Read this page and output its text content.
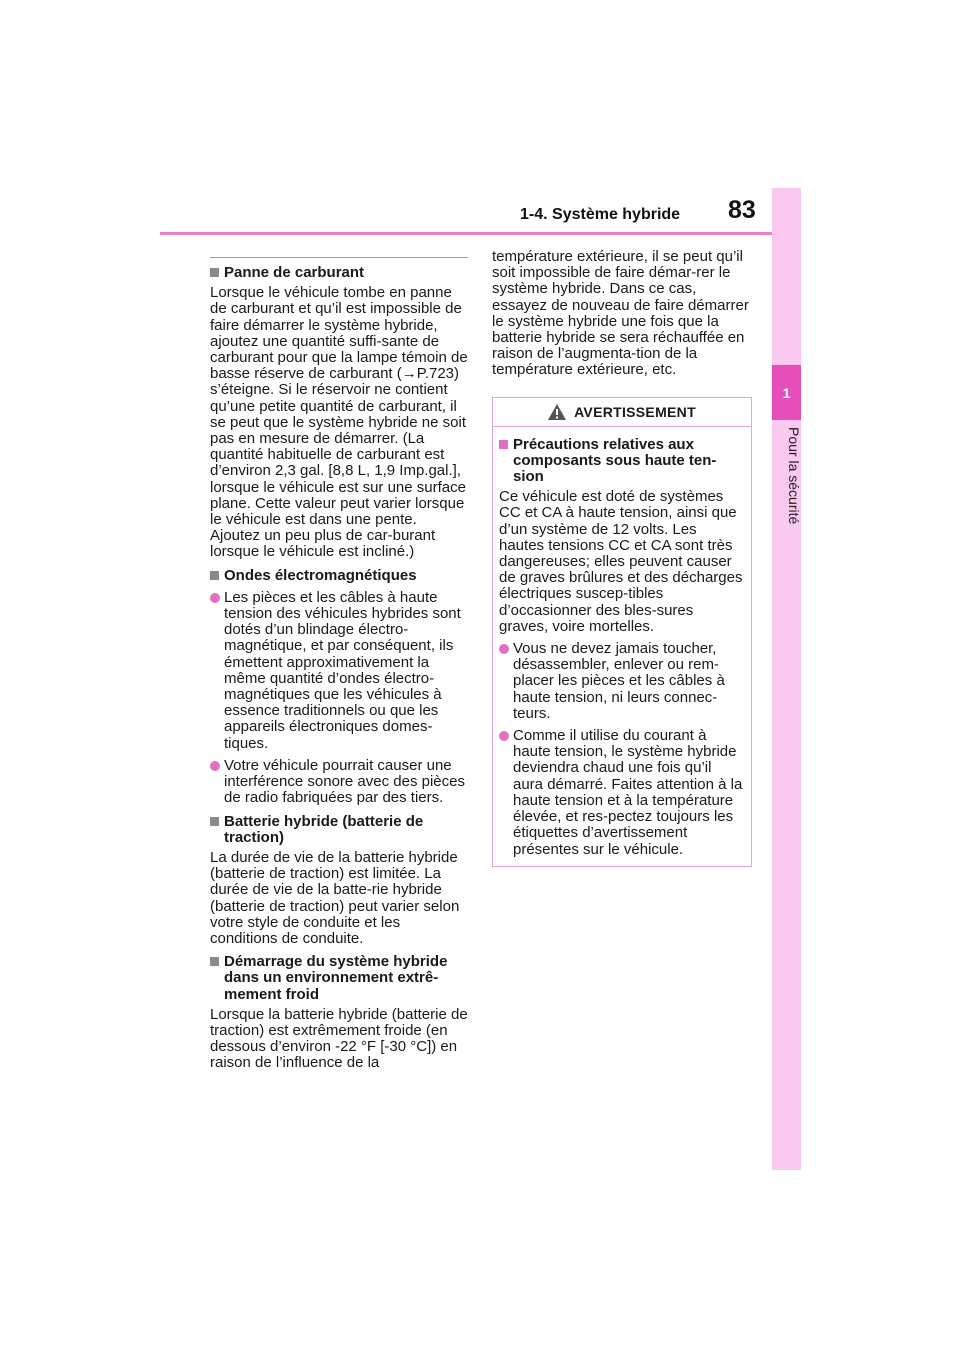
1-4. Système hybride	83
1
Pour la sécurité
Panne de carburant
Lorsque le véhicule tombe en panne de carburant et qu’il est impossible de faire démarrer le système hybride, ajoutez une quantité suffi-sante de carburant pour que la lampe témoin de basse réserve de carburant (→P.723) s’éteigne. Si le réservoir ne contient qu’une petite quantité de carburant, il se peut que le système hybride ne soit pas en mesure de démarrer. (La quantité habituelle de carburant est d’environ 2,3 gal. [8,8 L, 1,9 Imp.gal.], lorsque le véhicule est sur une surface plane. Cette valeur peut varier lorsque le véhicule est dans une pente. Ajoutez un peu plus de car-burant lorsque le véhicule est incliné.)
Ondes électromagnétiques
Les pièces et les câbles à haute tension des véhicules hybrides sont dotés d’un blindage électro-magnétique, et par conséquent, ils émettent approximativement la même quantité d’ondes électro-magnétiques que les véhicules à essence traditionnels ou que les appareils électroniques domes-tiques.
Votre véhicule pourrait causer une interférence sonore avec des pièces de radio fabriquées par des tiers.
Batterie hybride (batterie de traction)
La durée de vie de la batterie hybride (batterie de traction) est limitée. La durée de vie de la batte-rie hybride (batterie de traction) peut varier selon votre style de conduite et les conditions de conduite.
Démarrage du système hybride dans un environnement extrê-mement froid
Lorsque la batterie hybride (batterie de traction) est extrêmement froide (en dessous d’environ -22 °F [-30 °C]) en raison de l’influence de la
température extérieure, il se peut qu’il soit impossible de faire démar-rer le système hybride. Dans ce cas, essayez de nouveau de faire démarrer le système hybride une fois que la batterie hybride se sera réchauffée en raison de l’augmenta-tion de la température extérieure, etc.
AVERTISSEMENT
Précautions relatives aux composants sous haute ten-sion
Ce véhicule est doté de systèmes CC et CA à haute tension, ainsi que d’un système de 12 volts. Les hautes tensions CC et CA sont très dangereuses; elles peuvent causer de graves brûlures et des décharges électriques suscep-tibles d’occasionner des bles-sures graves, voire mortelles.
Vous ne devez jamais toucher, désassembler, enlever ou rem-placer les pièces et les câbles à haute tension, ni leurs connec-teurs.
Comme il utilise du courant à haute tension, le système hybride deviendra chaud une fois qu’il aura démarré. Faites attention à la haute tension et à la température élevée, et res-pectez toujours les étiquettes d’avertissement présentes sur le véhicule.
